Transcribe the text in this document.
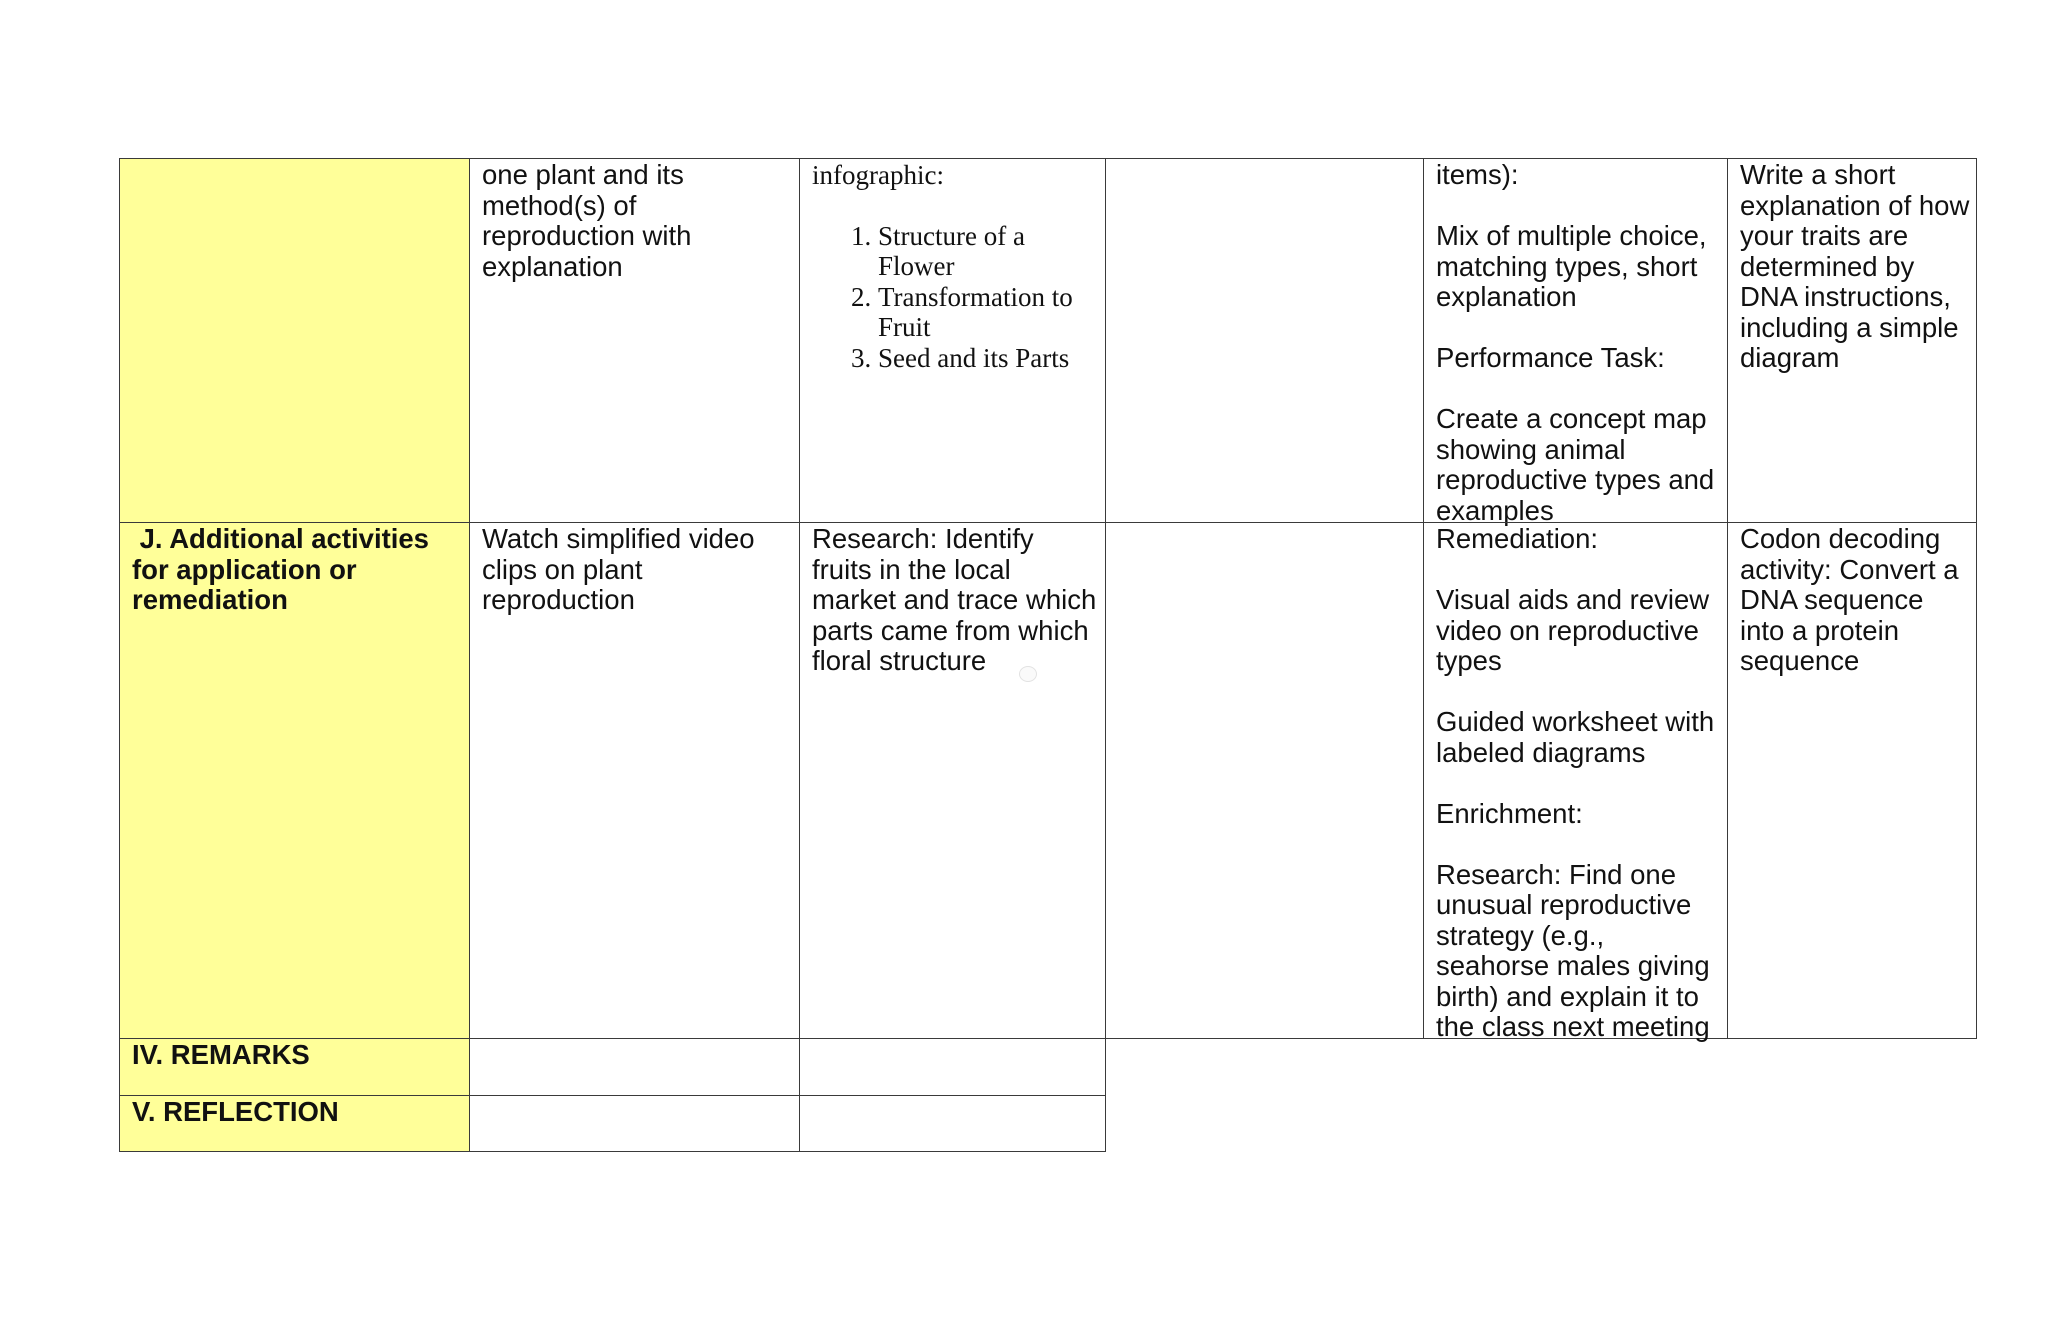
one plant and its method(s) of reproduction with explanation
infographic:
1. Structure of a Flower
2. Transformation to Fruit
3. Seed and its Parts

items):

Mix of multiple choice, matching types, short explanation

Performance Task:

Create a concept map showing animal reproductive types and examples

Write a short explanation of how your traits are determined by DNA instructions, including a simple diagram
J. Additional activities for application or remediation
Watch simplified video clips on plant reproduction
Research: Identify fruits in the local market and trace which parts came from which floral structure

Remediation:

Visual aids and review video on reproductive types

Guided worksheet with labeled diagrams

Enrichment:

Research: Find one unusual reproductive strategy (e.g., seahorse males giving birth) and explain it to the class next meeting

Codon decoding activity: Convert a DNA sequence into a protein sequence
IV. REMARKS
V. REFLECTION
